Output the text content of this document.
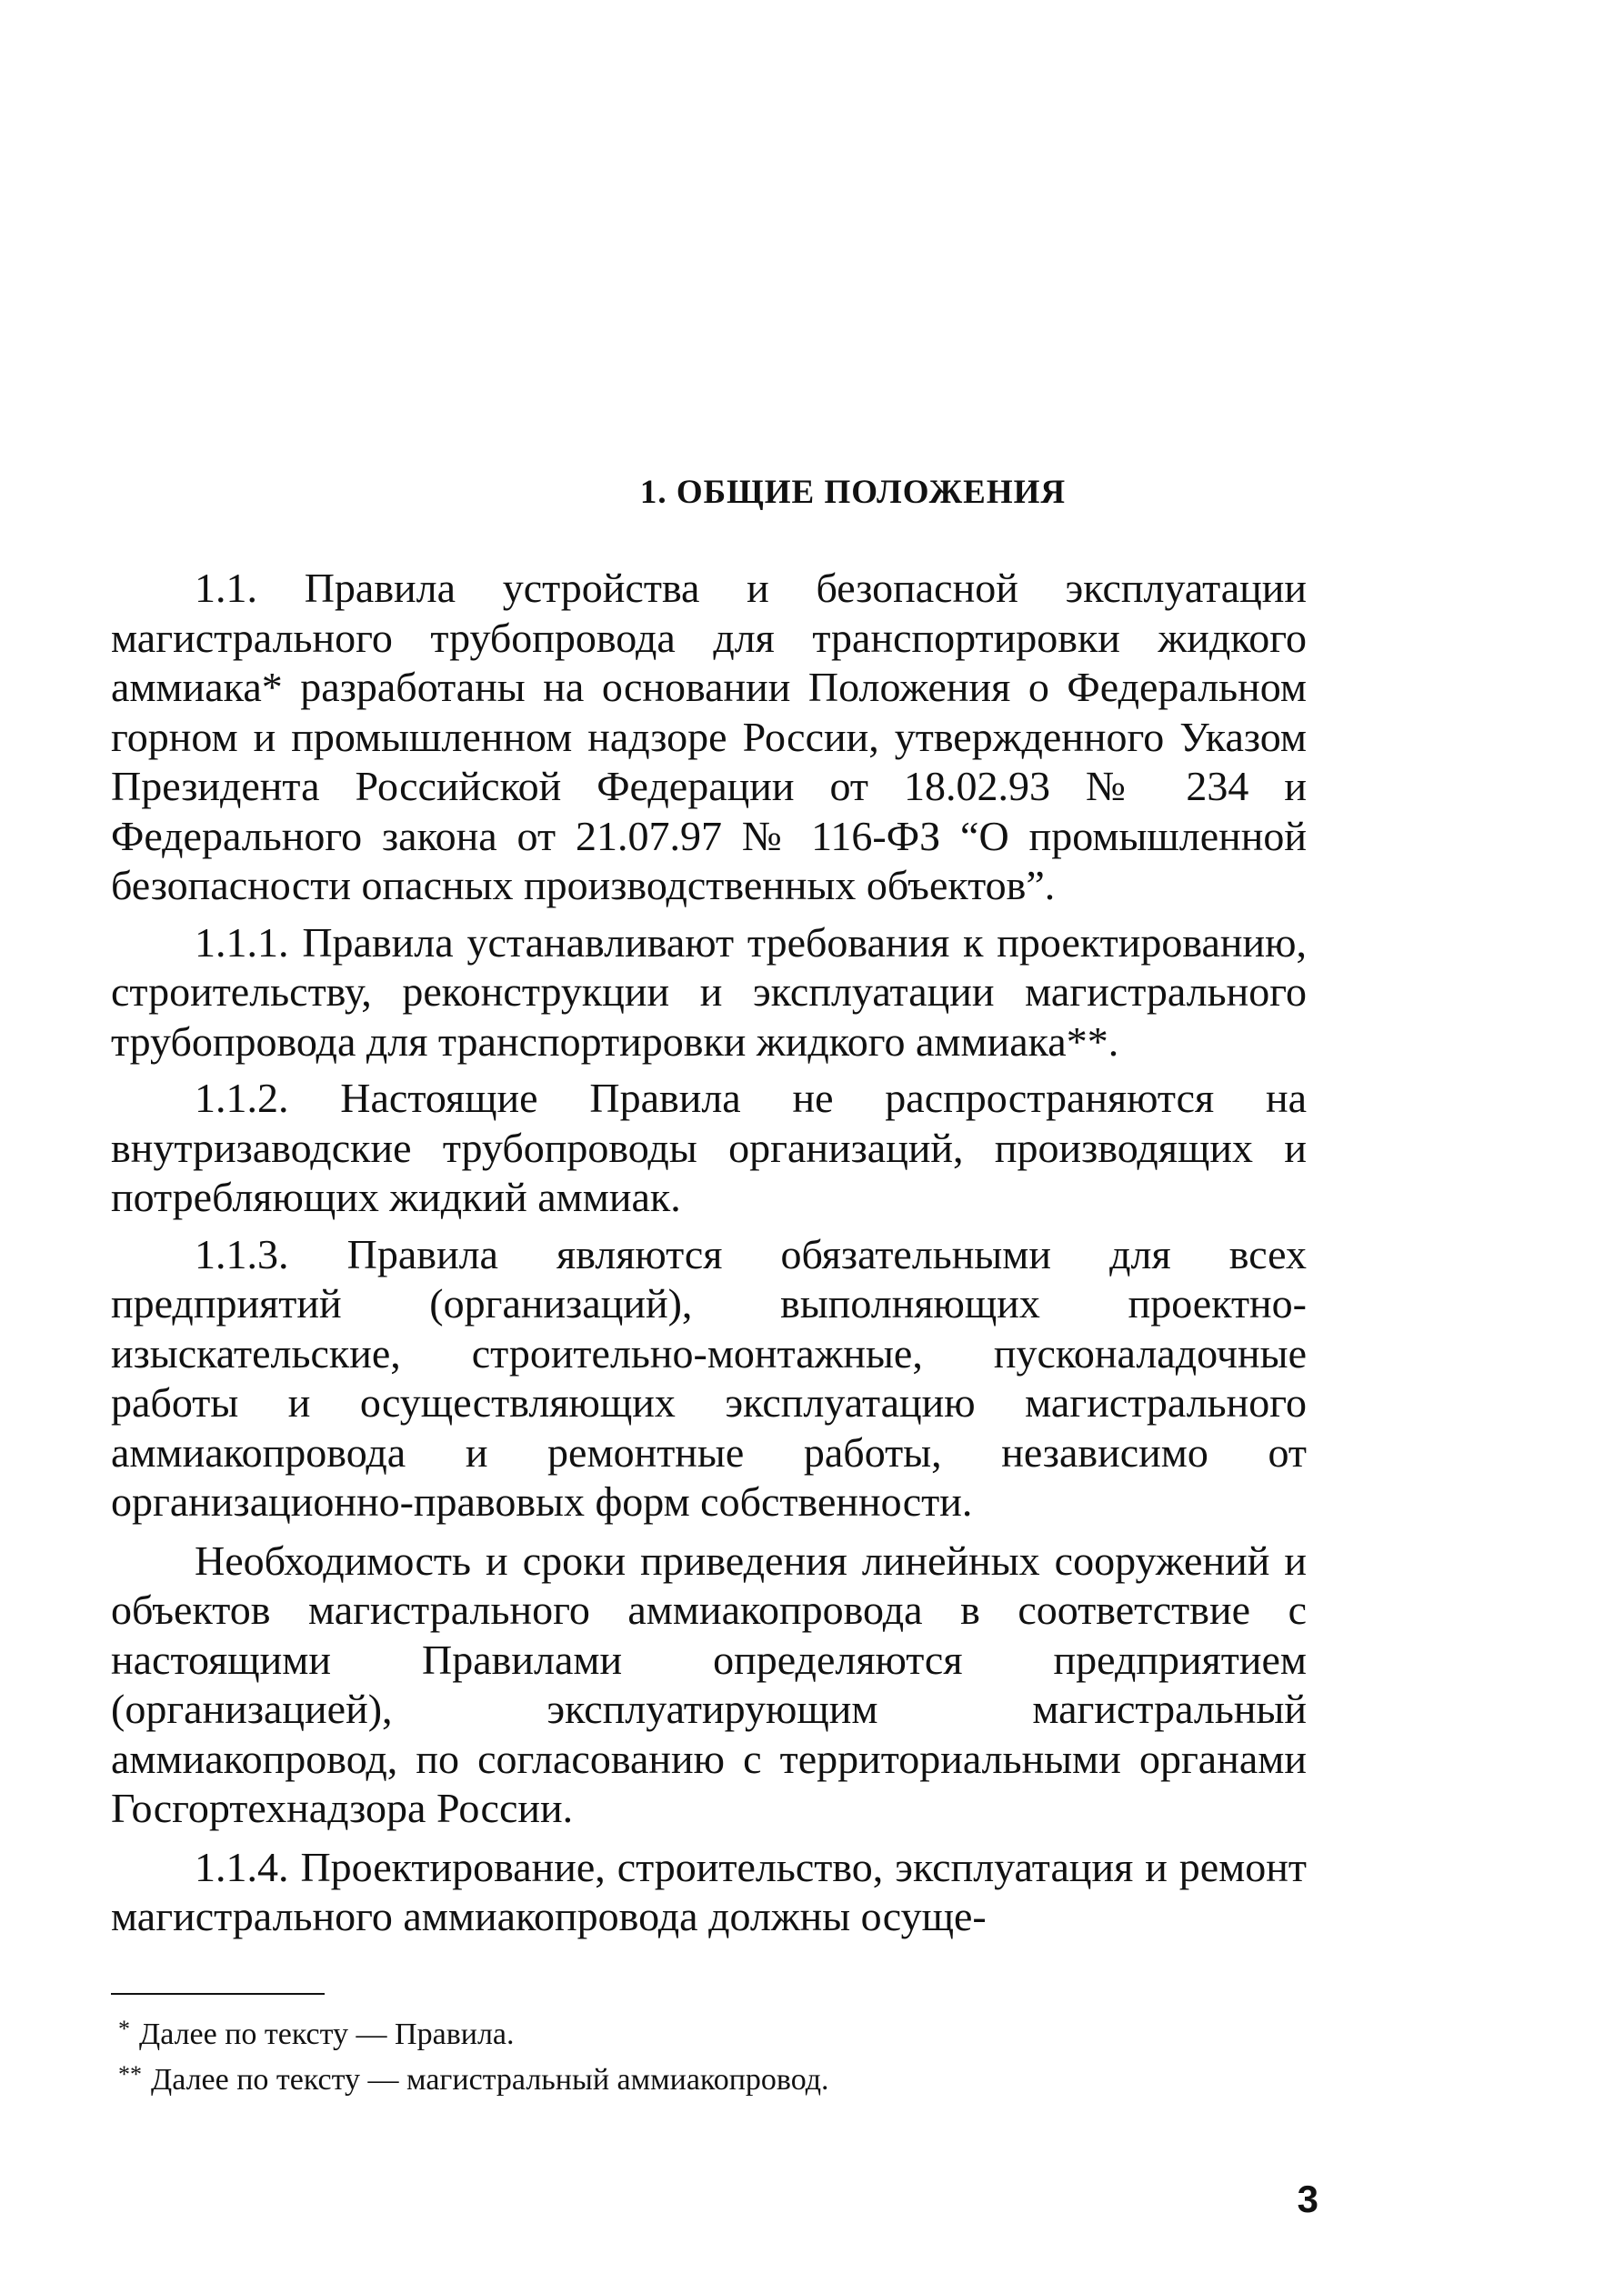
1. ОБЩИЕ ПОЛОЖЕНИЯ

1.1. Правила устройства и безопасной эксплуатации магистрального трубопровода для транспортировки жидкого аммиака* разработаны на основании Положения о Федеральном горном и промышленном надзоре России, утвержденного Указом Президента Российской Федерации от 18.02.93 № 234 и Федерального закона от 21.07.97 № 116-ФЗ “О промышленной безопасности опасных производственных объектов”.

1.1.1. Правила устанавливают требования к проектированию, строительству, реконструкции и эксплуатации магистрального трубопровода для транспортировки жидкого аммиака**.

1.1.2. Настоящие Правила не распространяются на внутризаводские трубопроводы организаций, производящих и потребляющих жидкий аммиак.

1.1.3. Правила являются обязательными для всех предприятий (организаций), выполняющих проектно-изыскательские, строительно-монтажные, пусконаладочные работы и осуществляющих эксплуатацию магистрального аммиакопровода и ремонтные работы, независимо от организационно-правовых форм собственности.

Необходимость и сроки приведения линейных сооружений и объектов магистрального аммиакопровода в соответствие с настоящими Правилами определяются предприятием (организацией), эксплуатирующим магистральный аммиакопровод, по согласованию с территориальными органами Госгортехнадзора России.

1.1.4. Проектирование, строительство, эксплуатация и ремонт магистрального аммиакопровода должны осуще-

* Далее по тексту — Правила.
** Далее по тексту — магистральный аммиакопровод.
3
